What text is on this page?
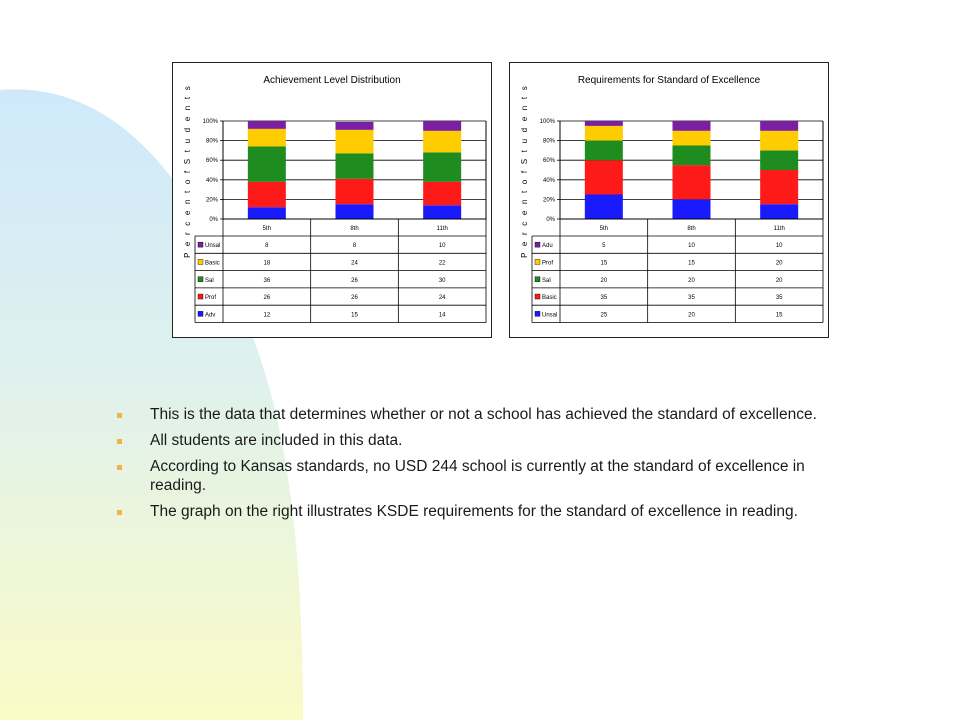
Achievement Level Distribution
P e r c e n t o f S t u d e n t s	0%
20%
40%
60%
80%
100%
5th	8th	11th
Unsal	8	8	10
Basic	18	24	22
Sal	36	26	30
Prof	26	26	24
Adv	12	15	14
Requirements for Standard of Excellence
P e r c e n t o f S t u d e n t s	0%
20%
40%
60%
80%
100%
5th	8th	11th
Adu	5	10	10
Prof	15	15	20
Sal	20	20	20
Basic	35	35	35
Unsal	25	20	15
This is the data that determines whether or not a school has achieved the standard of excellence.
All students are included in this data.
According to Kansas standards, no USD 244 school is currently at the standard of excellence in reading.
The graph on the right illustrates KSDE requirements for the standard of excellence in reading.
